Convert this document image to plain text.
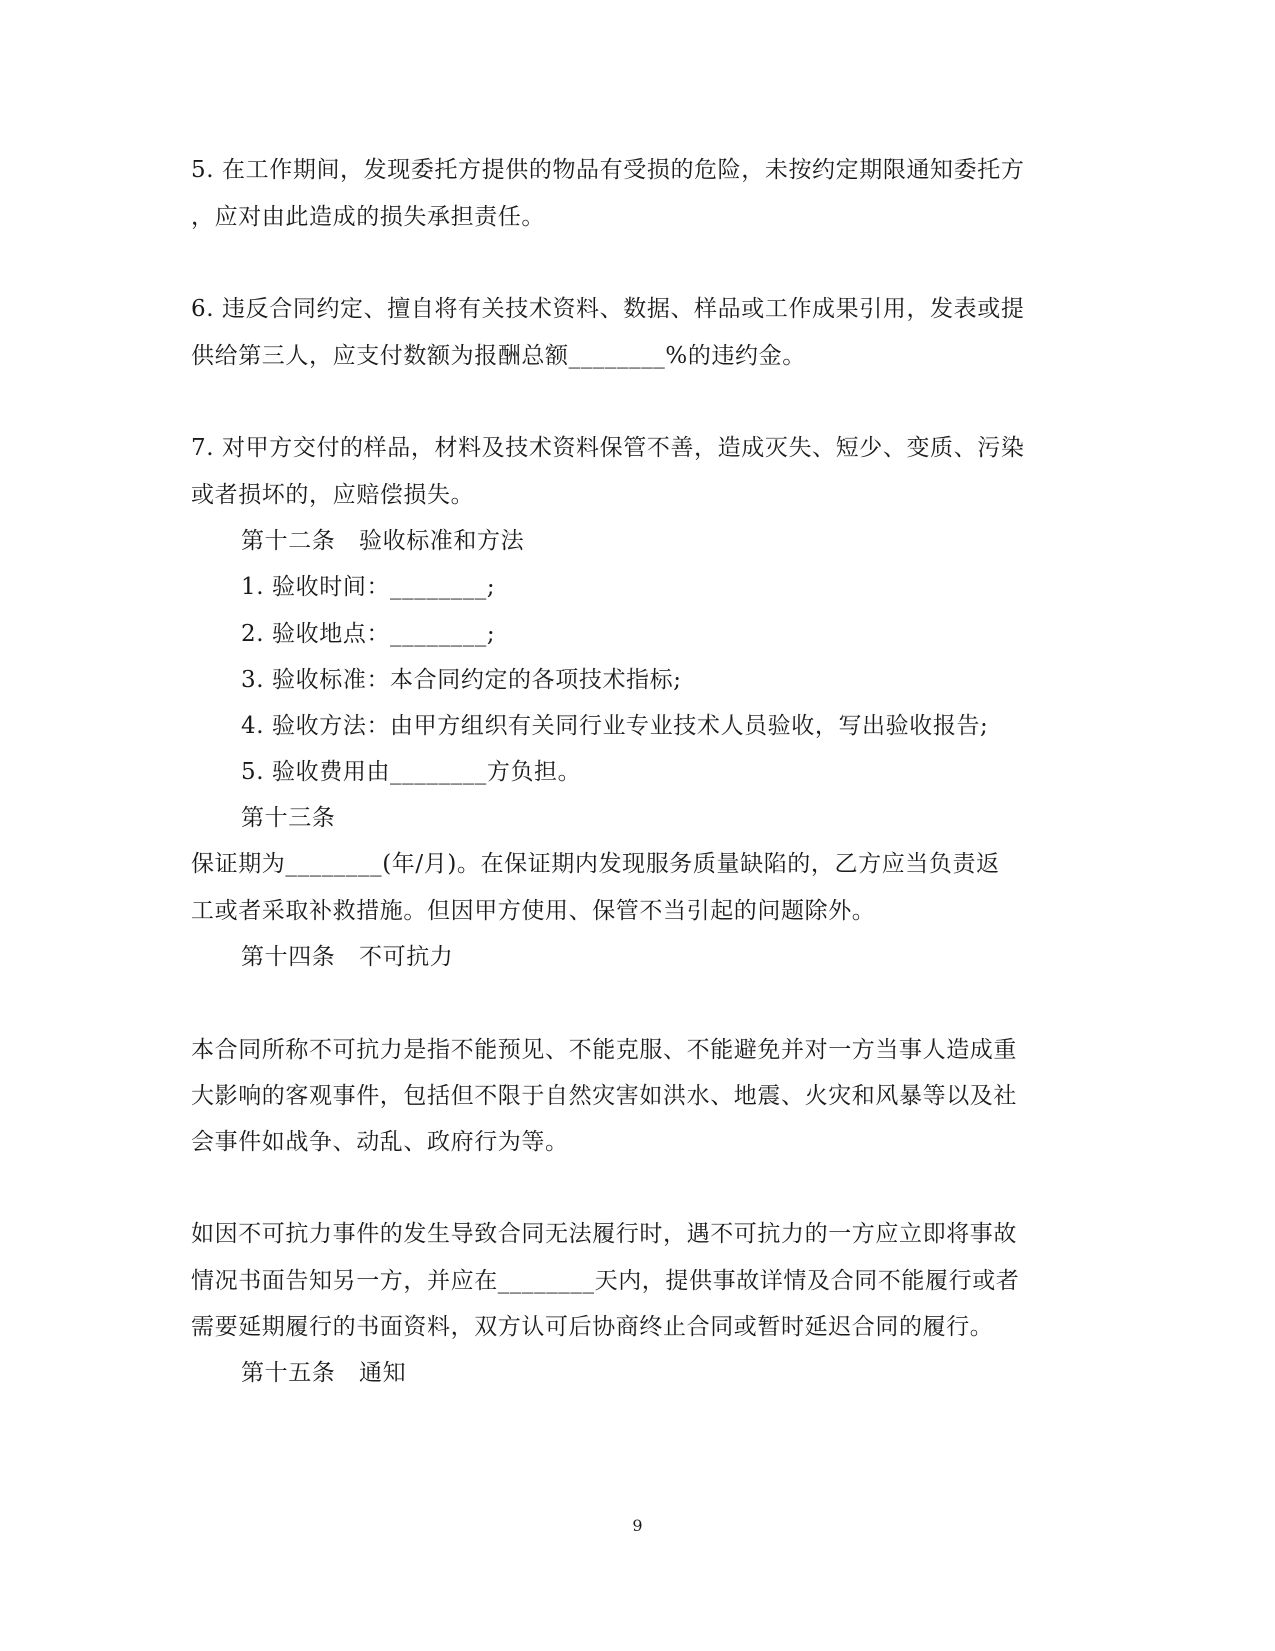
5. 在工作期间，发现委托方提供的物品有受损的危险，未按约定期限通知委托方
，应对由此造成的损失承担责任。
6. 违反合同约定、擅自将有关技术资料、数据、样品或工作成果引用，发表或提
供给第三人，应支付数额为报酬总额________%的违约金。
7. 对甲方交付的样品，材料及技术资料保管不善，造成灭失、短少、变质、污染
或者损坏的，应赔偿损失。
第十二条　验收标准和方法
1. 验收时间：________;
2. 验收地点：________;
3. 验收标准：本合同约定的各项技术指标;
4. 验收方法：由甲方组织有关同行业专业技术人员验收，写出验收报告;
5. 验收费用由________方负担。
第十三条
保证期为________(年/月)。在保证期内发现服务质量缺陷的，乙方应当负责返
工或者采取补救措施。但因甲方使用、保管不当引起的问题除外。
第十四条　不可抗力
本合同所称不可抗力是指不能预见、不能克服、不能避免并对一方当事人造成重
大影响的客观事件，包括但不限于自然灾害如洪水、地震、火灾和风暴等以及社
会事件如战争、动乱、政府行为等。
如因不可抗力事件的发生导致合同无法履行时，遇不可抗力的一方应立即将事故
情况书面告知另一方，并应在________天内，提供事故详情及合同不能履行或者
需要延期履行的书面资料，双方认可后协商终止合同或暂时延迟合同的履行。
第十五条　通知
9
